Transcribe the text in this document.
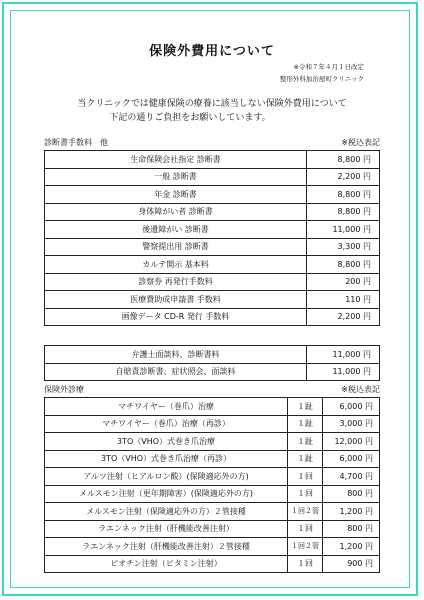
保険外費用について
※令和７年４月１日改定
整形外科加治屋町クリニック
当クリニックでは健康保険の療養に該当しない保険外費用について
下記の通りご負担をお願いしています。
診断書手数料　他	※税込表記
生命保険会社指定 診断書	8,800 円
一般 診断書	2,200 円
年金 診断書	8,800 円
身体障がい者 診断書	8,800 円
後遺障がい 診断書	11,000 円
警察提出用 診断書	3,300 円
カルテ開示 基本料	8,800 円
診察券 再発行手数料	200 円
医療費助成申請書 手数料	110 円
画像データ CD-R 発行 手数料	2,200 円
弁護士面談料、診断書料	11,000 円
自賠責診断書、症状照会、面談料	11,000 円
保険外診療	※税込表記
マチワイヤー（巻爪）治療	１趾	6,000 円
マチワイヤー（巻爪）治療（再診）	１趾	3,000 円
3TO（VHO）式巻き爪治療	１趾	12,000 円
3TO（VHO）式巻き爪治療（再診）	１趾	6,000 円
アルツ注射（ヒアルロン酸）(保険適応外の方)	１回	4,700 円
メルスモン注射（更年期障害）(保険適応外の方)	１回	800 円
メルスモン注射（保険適応外の方）２管接種	１回２管	1,200 円
ラエンネック注射（肝機能改善注射）	１回	800 円
ラエンネック注射（肝機能改善注射）２管接種	１回２管	1,200 円
ビオチン注射（ビタミン注射）	１回	900 円
